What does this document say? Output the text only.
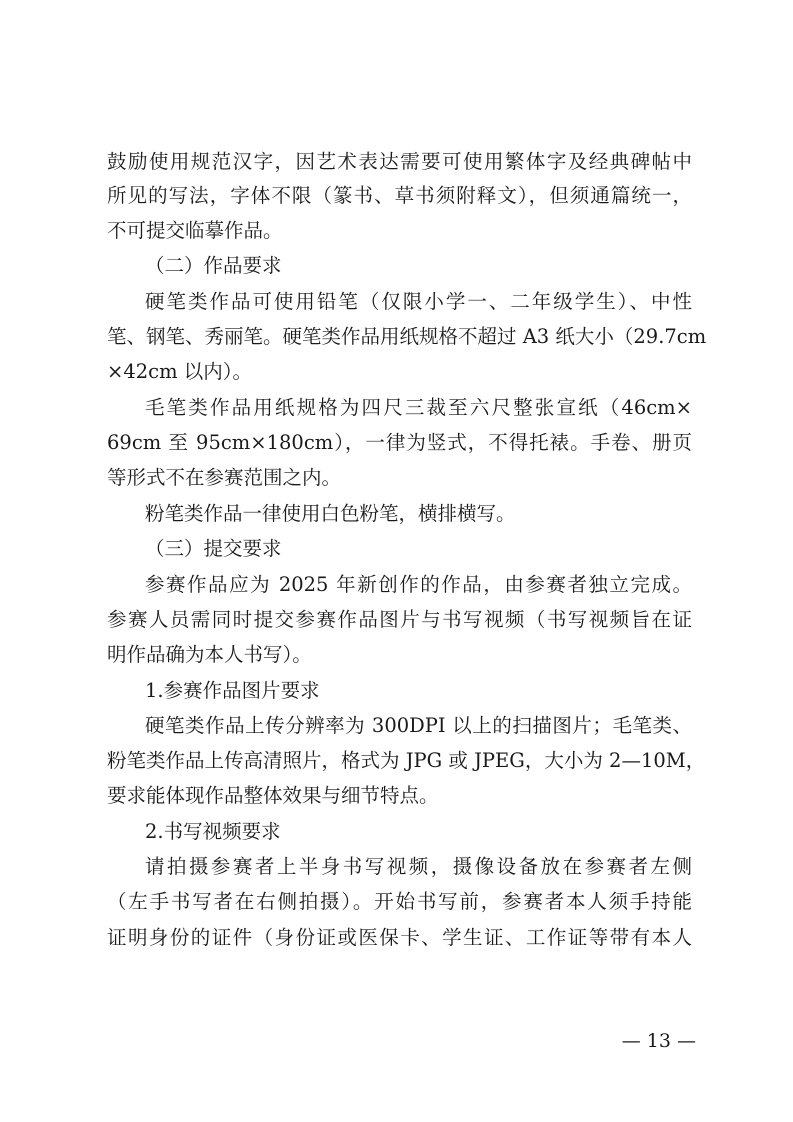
鼓励使用规范汉字，因艺术表达需要可使用繁体字及经典碑帖中
所见的写法，字体不限（篆书、草书须附释文），但须通篇统一，
不可提交临摹作品。
（二）作品要求
硬笔类作品可使用铅笔（仅限小学一、二年级学生）、中性
笔、钢笔、秀丽笔。硬笔类作品用纸规格不超过 A3 纸大小（29.7cm
×42cm 以内）。
毛笔类作品用纸规格为四尺三裁至六尺整张宣纸（46cm×
69cm 至 95cm×180cm），一律为竖式，不得托裱。手卷、册页
等形式不在参赛范围之内。
粉笔类作品一律使用白色粉笔，横排横写。
（三）提交要求
参赛作品应为 2025 年新创作的作品，由参赛者独立完成。
参赛人员需同时提交参赛作品图片与书写视频（书写视频旨在证
明作品确为本人书写）。
1.参赛作品图片要求
硬笔类作品上传分辨率为 300DPI 以上的扫描图片；毛笔类、
粉笔类作品上传高清照片，格式为 JPG 或 JPEG，大小为 2—10M，
要求能体现作品整体效果与细节特点。
2.书写视频要求
请拍摄参赛者上半身书写视频，摄像设备放在参赛者左侧
（左手书写者在右侧拍摄）。开始书写前，参赛者本人须手持能
证明身份的证件（身份证或医保卡、学生证、工作证等带有本人
— 13 —
